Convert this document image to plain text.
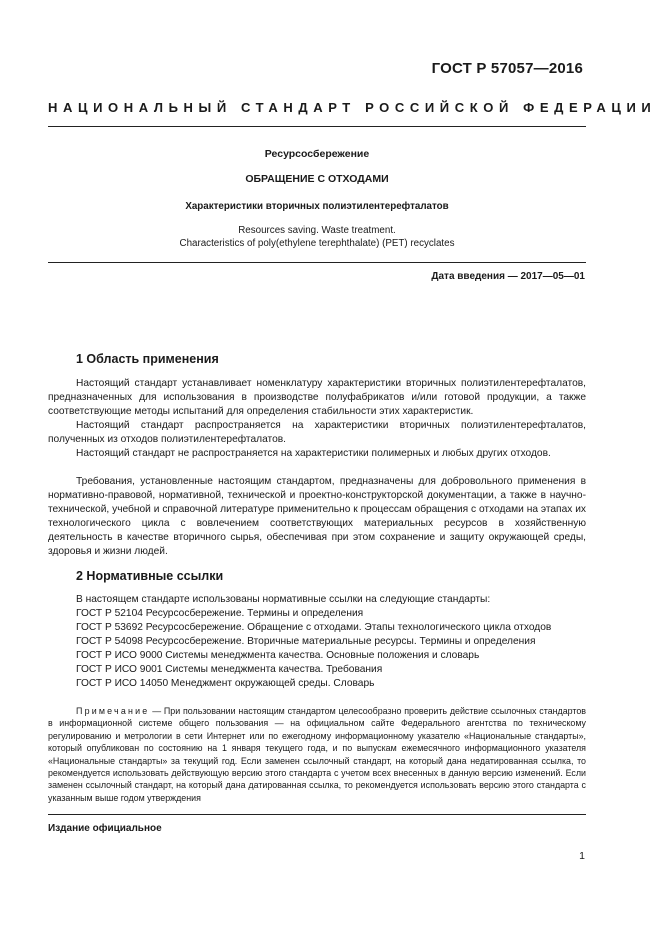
ГОСТ Р 57057—2016
НАЦИОНАЛЬНЫЙ СТАНДАРТ РОССИЙСКОЙ ФЕДЕРАЦИИ
Ресурсосбережение
ОБРАЩЕНИЕ С ОТХОДАМИ
Характеристики вторичных полиэтилентерефталатов
Resources saving. Waste treatment.
Characteristics of poly(ethylene terephthalate) (PET) recyclates
Дата введения — 2017—05—01
1 Область применения

Настоящий стандарт устанавливает номенклатуру характеристики вторичных полиэтилентерефталатов, предназначенных для использования в производстве полуфабрикатов и/или готовой продукции, а также соответствующие методы испытаний для определения стабильности этих характеристик.

Настоящий стандарт распространяется на характеристики вторичных полиэтилентерефталатов, полученных из отходов полиэтилентерефталатов.

Настоящий стандарт не распространяется на характеристики полимерных и любых других отходов.

Требования, установленные настоящим стандартом, предназначены для добровольного применения в нормативно-правовой, нормативной, технической и проектно-конструкторской документации, а также в научно-технической, учебной и справочной литературе применительно к процессам обращения с отходами на этапах их технологического цикла с вовлечением соответствующих материальных ресурсов в хозяйственную деятельность в качестве вторичного сырья, обеспечивая при этом сохранение и защиту окружающей среды, здоровья и жизни людей.

2 Нормативные ссылки
В настоящем стандарте использованы нормативные ссылки на следующие стандарты:
ГОСТ Р 52104 Ресурсосбережение. Термины и определения
ГОСТ Р 53692 Ресурсосбережение. Обращение с отходами. Этапы технологического цикла отходов
ГОСТ Р 54098 Ресурсосбережение. Вторичные материальные ресурсы. Термины и определения
ГОСТ Р ИСО 9000 Системы менеджмента качества. Основные положения и словарь
ГОСТ Р ИСО 9001 Системы менеджмента качества. Требования
ГОСТ Р ИСО 14050 Менеджмент окружающей среды. Словарь

Примечание — При пользовании настоящим стандартом целесообразно проверить действие ссылочных стандартов в информационной системе общего пользования — на официальном сайте Федерального агентства по техническому регулированию и метрологии в сети Интернет или по ежегодному информационному указателю «Национальные стандарты», который опубликован по состоянию на 1 января текущего года, и по выпускам ежемесячного информационного указателя «Национальные стандарты» за текущий год. Если заменен ссылочный стандарт, на который дана недатированная ссылка, то рекомендуется использовать действующую версию этого стандарта с учетом всех внесенных в данную версию изменений. Если заменен ссылочный стандарт, на который дана датированная ссылка, то рекомендуется использовать версию этого стандарта с указанным выше годом утверждения

Издание официальное
1
